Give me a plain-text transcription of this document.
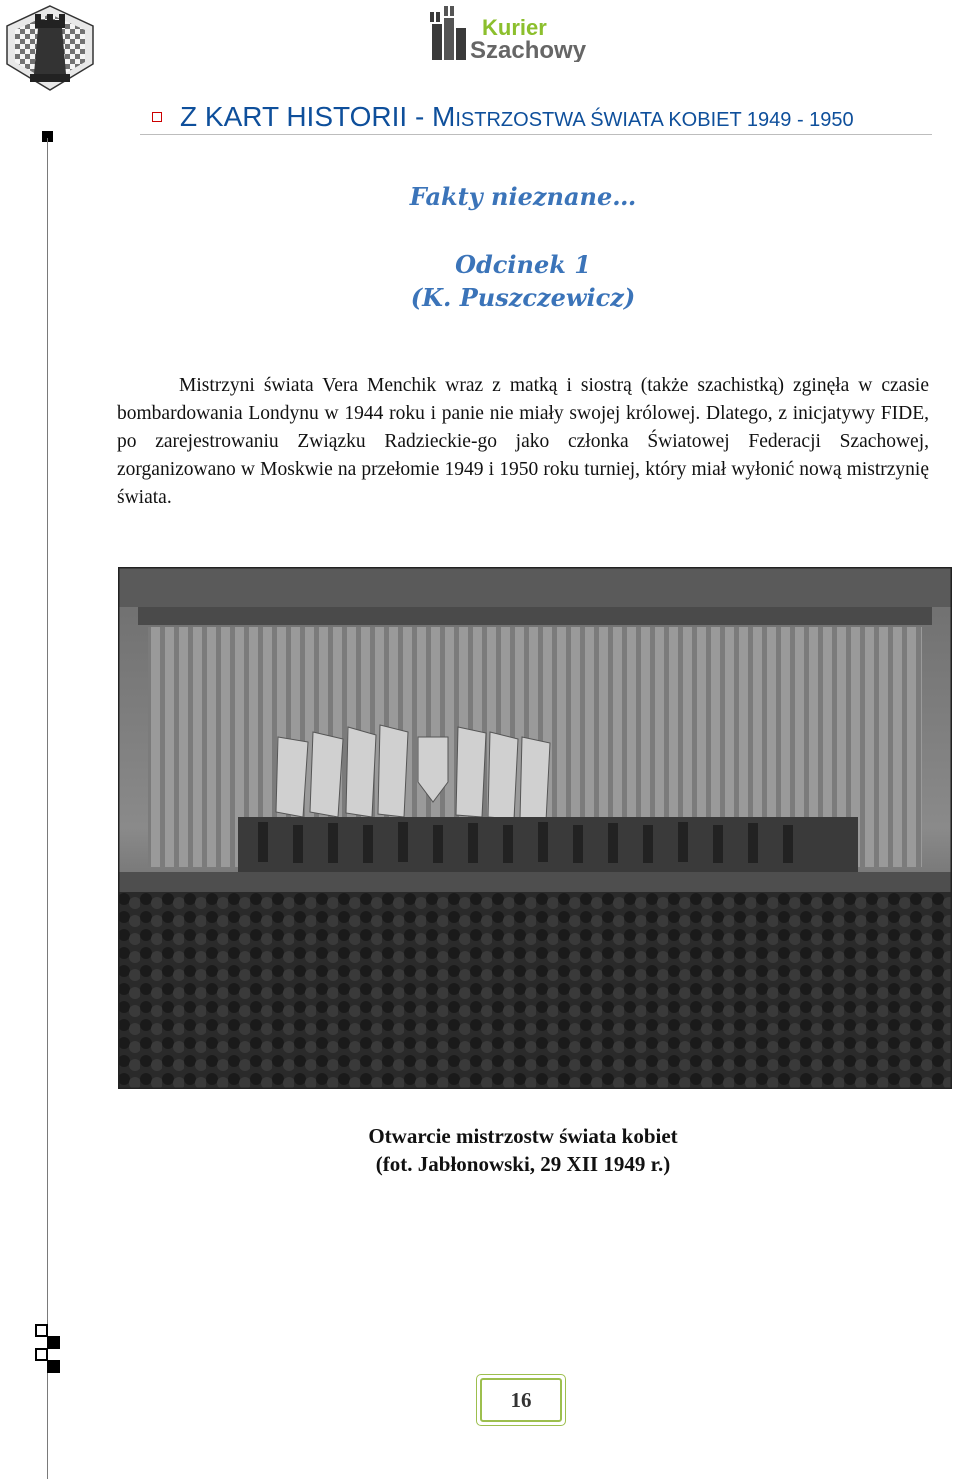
Kurier
Szachowy
Z KART HISTORII - MISTRZOSTWA ŚWIATA KOBIET 1949 - 1950
Fakty nieznane…
Odcinek 1
(K. Puszczewicz)

Mistrzyni świata Vera Menchik wraz z matką i siostrą (także szachistką) zginęła w czasie bombardowania Londynu w 1944 roku i panie nie miały swojej królowej. Dlatego, z inicjatywy FIDE, po zarejestrowaniu Związku Radzieckie-go jako członka Światowej Federacji Szachowej, zorganizowano w Moskwie na przełomie 1949 i 1950 roku turniej, który miał wyłonić nową mistrzynię świata.

Otwarcie mistrzostw świata kobiet
(fot. Jabłonowski, 29 XII 1949 r.)
16
